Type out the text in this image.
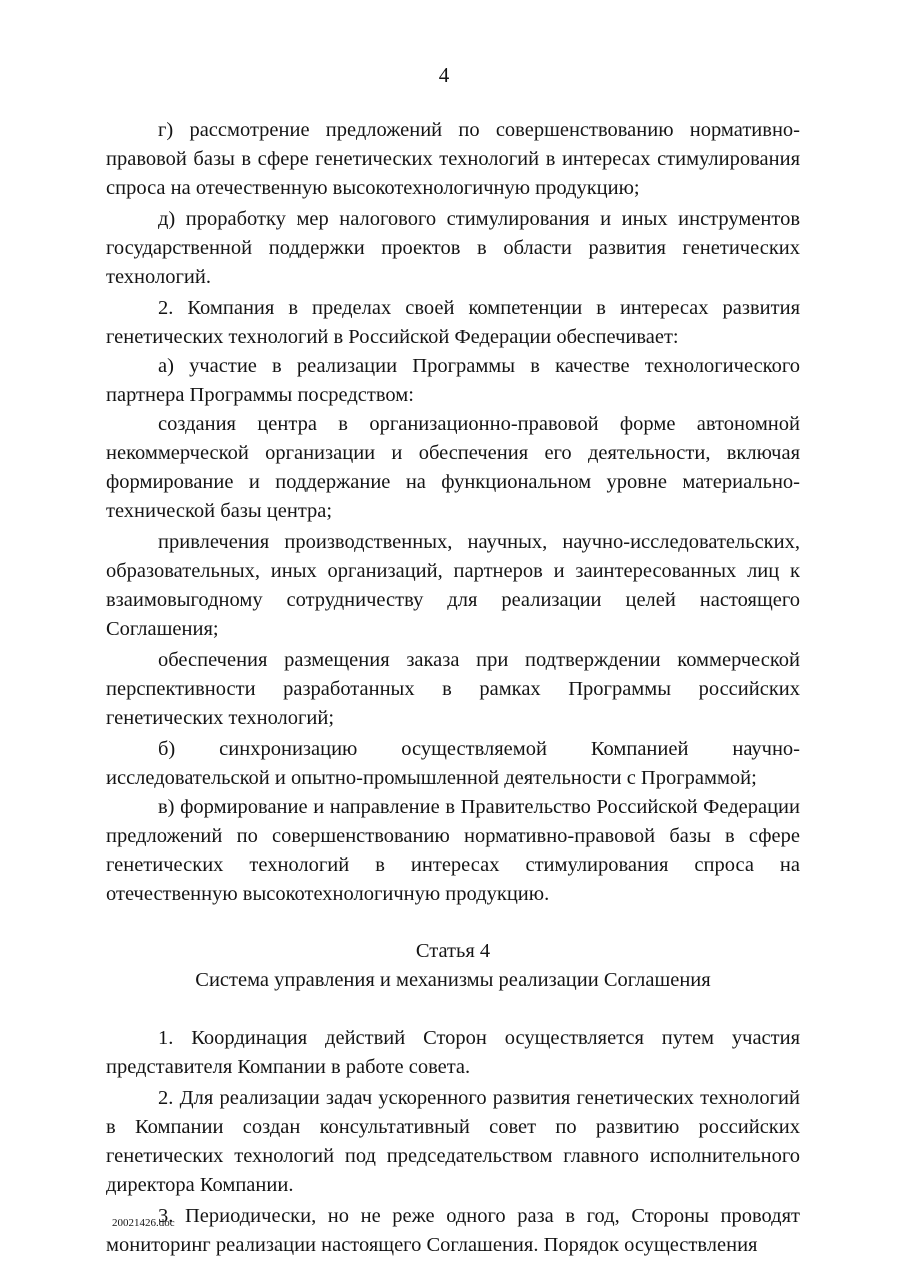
4

г) рассмотрение предложений по совершенствованию нормативно-правовой базы в сфере генетических технологий в интересах стимулирования спроса на отечественную высокотехнологичную продукцию;

д) проработку мер налогового стимулирования и иных инструментов государственной поддержки проектов в области развития генетических технологий.

2. Компания в пределах своей компетенции в интересах развития генетических технологий в Российской Федерации обеспечивает:

а) участие в реализации Программы в качестве технологического партнера Программы посредством:

создания центра в организационно-правовой форме автономной некоммерческой организации и обеспечения его деятельности, включая формирование и поддержание на функциональном уровне материально-технической базы центра;

привлечения производственных, научных, научно-исследовательских, образовательных, иных организаций, партнеров и заинтересованных лиц к взаимовыгодному сотрудничеству для реализации целей настоящего Соглашения;

обеспечения размещения заказа при подтверждении коммерческой перспективности разработанных в рамках Программы российских генетических технологий;

б) синхронизацию осуществляемой Компанией научно-исследовательской и опытно-промышленной деятельности с Программой;

в) формирование и направление в Правительство Российской Федерации предложений по совершенствованию нормативно-правовой базы в сфере генетических технологий в интересах стимулирования спроса на отечественную высокотехнологичную продукцию.

Статья 4

Система управления и механизмы реализации Соглашения

1. Координация действий Сторон осуществляется путем участия представителя Компании в работе совета.

2. Для реализации задач ускоренного развития генетических технологий в Компании создан консультативный совет по развитию российских генетических технологий под председательством главного исполнительного директора Компании.

3. Периодически, но не реже одного раза в год, Стороны проводят мониторинг реализации настоящего Соглашения. Порядок осуществления

20021426.doc
